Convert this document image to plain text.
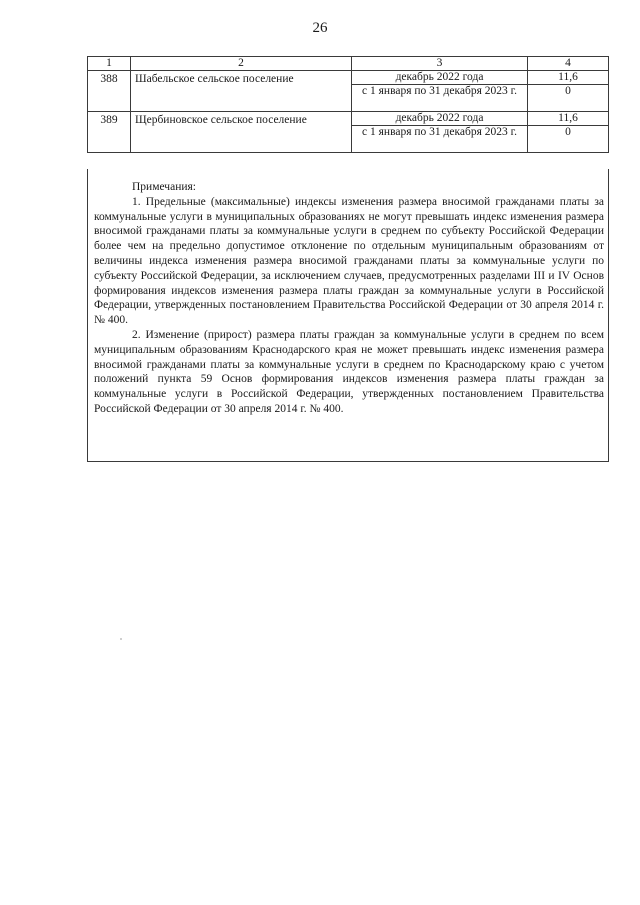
26
1	2	3	4
388	Шабельское сельское поселение	декабрь 2022 года	11,6
		с 1 января по 31 декабря 2023 г.	0
389	Щербиновское сельское поселение	декабрь 2022 года	11,6
		с 1 января по 31 декабря 2023 г.	0

Примечания:

1. Предельные (максимальные) индексы изменения размера вносимой гражданами платы за коммунальные услуги в муниципальных образованиях не могут превышать индекс изменения размера вносимой гражданами платы за коммунальные услуги в среднем по субъекту Российской Федерации более чем на предельно допустимое отклонение по отдельным муниципальным образованиям от величины индекса изменения размера вносимой гражданами платы за коммунальные услуги по субъекту Российской Федерации, за исключением случаев, предусмотренных разделами III и IV Основ формирования индексов изменения размера платы граждан за коммунальные услуги в Российской Федерации, утвержденных постановлением Правительства Российской Федерации от 30 апреля 2014 г. № 400.

2. Изменение (прирост) размера платы граждан за коммунальные услуги в среднем по всем муниципальным образованиям Краснодарского края не может превышать индекс изменения размера вносимой гражданами платы за коммунальные услуги в среднем по Краснодарскому краю с учетом положений пункта 59 Основ формирования индексов изменения размера платы граждан за коммунальные услуги в Российской Федерации, утвержденных постановлением Правительства Российской Федерации от 30 апреля 2014 г. № 400.
